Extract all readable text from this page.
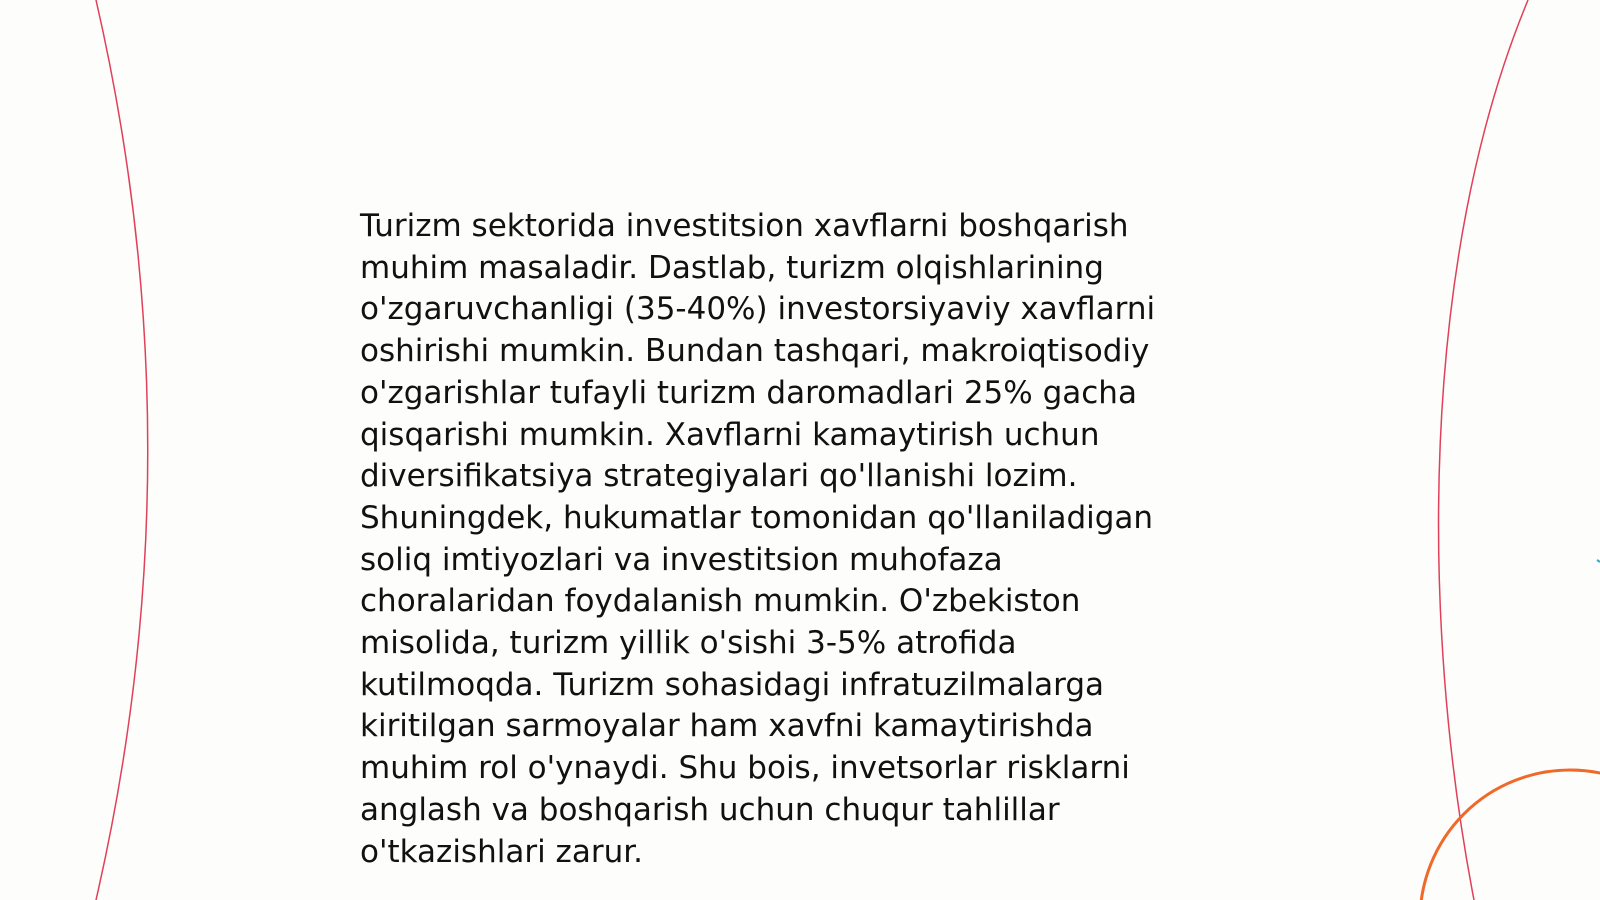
Turizm sektorida investitsion xavflarni boshqarish
muhim masaladir. Dastlab, turizm olqishlarining
o'zgaruvchanligi (35-40%) investorsiyaviy xavflarni
oshirishi mumkin. Bundan tashqari, makroiqtisodiy
o'zgarishlar tufayli turizm daromadlari 25% gacha
qisqarishi mumkin. Xavflarni kamaytirish uchun
diversifikatsiya strategiyalari qo'llanishi lozim.
Shuningdek, hukumatlar tomonidan qo'llaniladigan
soliq imtiyozlari va investitsion muhofaza
choralaridan foydalanish mumkin. O'zbekiston
misolida, turizm yillik o'sishi 3-5% atrofida
kutilmoqda. Turizm sohasidagi infratuzilmalarga
kiritilgan sarmoyalar ham xavfni kamaytirishda
muhim rol o'ynaydi. Shu bois, invetsorlar risklarni
anglash va boshqarish uchun chuqur tahlillar
o'tkazishlari zarur.
